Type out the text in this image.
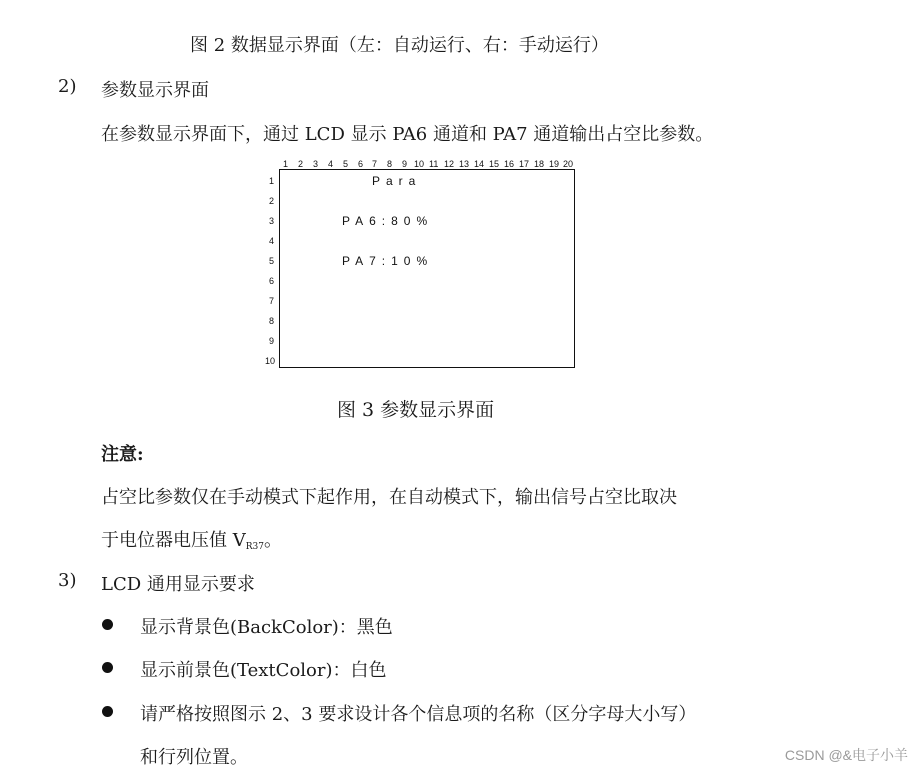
图 2 数据显示界面（左：自动运行、右：手动运行）
2) 参数显示界面
在参数显示界面下，通过 LCD 显示 PA6 通道和 PA7 通道输出占空比参数。
1 2 3 4 5 6 7 8 9 10 11 12 13 14 15 16 17 18 19 20
1
2
3
4
5
6
7
8
9
10
Para
PA6:80%
PA7:10%
图 3 参数显示界面
注意:
占空比参数仅在手动模式下起作用，在自动模式下，输出信号占空比取决
于电位器电压值 $V_{R37}$。
3) LCD 通用显示要求
显示背景色(BackColor)：黑色
显示前景色(TextColor)：白色
请严格按照图示 2、3 要求设计各个信息项的名称（区分字母大小写）
和行列位置。	CSDN @&电子小羊
